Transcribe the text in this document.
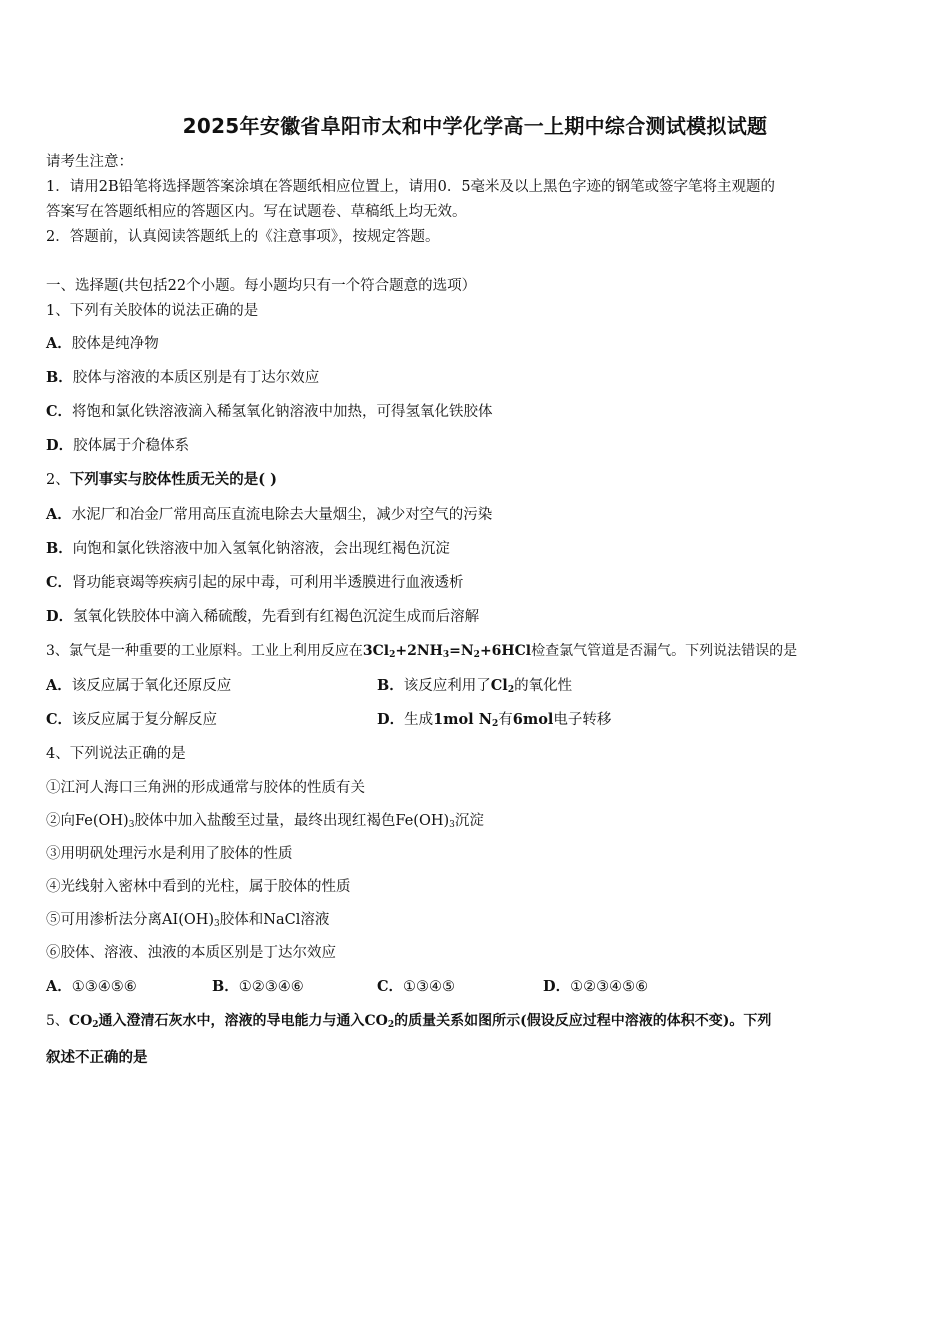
2025年安徽省阜阳市太和中学化学高一上期中综合测试模拟试题
请考生注意：
1．请用2B铅笔将选择题答案涂填在答题纸相应位置上，请用0．5毫米及以上黑色字迹的钢笔或签字笔将主观题的
答案写在答题纸相应的答题区内。写在试题卷、草稿纸上均无效。
2．答题前，认真阅读答题纸上的《注意事项》，按规定答题。
一、选择题(共包括22个小题。每小题均只有一个符合题意的选项）
1、下列有关胶体的说法正确的是
A．胶体是纯净物
B．胶体与溶液的本质区别是有丁达尔效应
C．将饱和氯化铁溶液滴入稀氢氧化钠溶液中加热，可得氢氧化铁胶体
D．胶体属于介稳体系
2、下列事实与胶体性质无关的是( )
A．水泥厂和冶金厂常用高压直流电除去大量烟尘，减少对空气的污染
B．向饱和氯化铁溶液中加入氢氧化钠溶液，会出现红褐色沉淀
C．肾功能衰竭等疾病引起的尿中毒，可利用半透膜进行血液透析
D．氢氧化铁胶体中滴入稀硫酸，先看到有红褐色沉淀生成而后溶解
3、氯气是一种重要的工业原料。工业上利用反应在$3Cl_2+2NH_3=N_2+6HCl$检查氯气管道是否漏气。下列说法错误的是
A．该反应属于氧化还原反应	B．该反应利用了$Cl_2$的氧化性
C．该反应属于复分解反应	D．生成1mol $N_2$有6mol电子转移
4、下列说法正确的是
①江河人海口三角洲的形成通常与胶体的性质有关
②向$Fe(OH)_3$胶体中加入盐酸至过量，最终出现红褐色$Fe(OH)_3$沉淀
③用明矾处理污水是利用了胶体的性质
④光线射入密林中看到的光柱，属于胶体的性质
⑤可用渗析法分离$AI(OH)_3$胶体和NaCl溶液
⑥胶体、溶液、浊液的本质区别是丁达尔效应
A．①③④⑤⑥	B．①②③④⑥	C．①③④⑤	D．①②③④⑤⑥
5、$CO_2$通入澄清石灰水中，溶液的导电能力与通入$CO_2$的质量关系如图所示(假设反应过程中溶液的体积不变)。下列
叙述不正确的是
